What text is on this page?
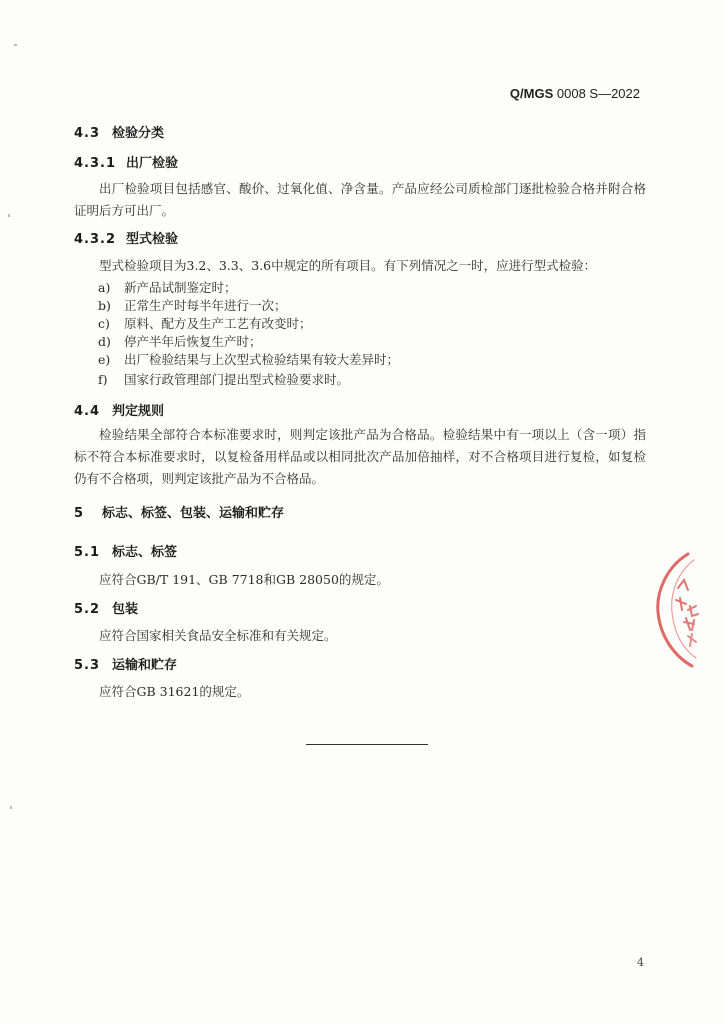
Q/MGS 0008 S—2022
4.3 检验分类
4.3.1 出厂检验
出厂检验项目包括感官、酸价、过氧化值、净含量。产品应经公司质检部门逐批检验合格并附合格证明后方可出厂。
4.3.2 型式检验
型式检验项目为3.2、3.3、3.6中规定的所有项目。有下列情况之一时，应进行型式检验：
a) 新产品试制鉴定时；
b) 正常生产时每半年进行一次；
c) 原料、配方及生产工艺有改变时；
d) 停产半年后恢复生产时；
e) 出厂检验结果与上次型式检验结果有较大差异时；
f) 国家行政管理部门提出型式检验要求时。
4.4 判定规则
检验结果全部符合本标准要求时，则判定该批产品为合格品。检验结果中有一项以上（含一项）指标不符合本标准要求时，以复检备用样品或以相同批次产品加倍抽样，对不合格项目进行复检，如复检仍有不合格项，则判定该批产品为不合格品。
5 标志、标签、包装、运输和贮存
5.1 标志、标签
应符合GB/T 191、GB 7718和GB 28050的规定。
5.2 包装
应符合国家相关食品安全标准和有关规定。
5.3 运输和贮存
应符合GB 31621的规定。
4
